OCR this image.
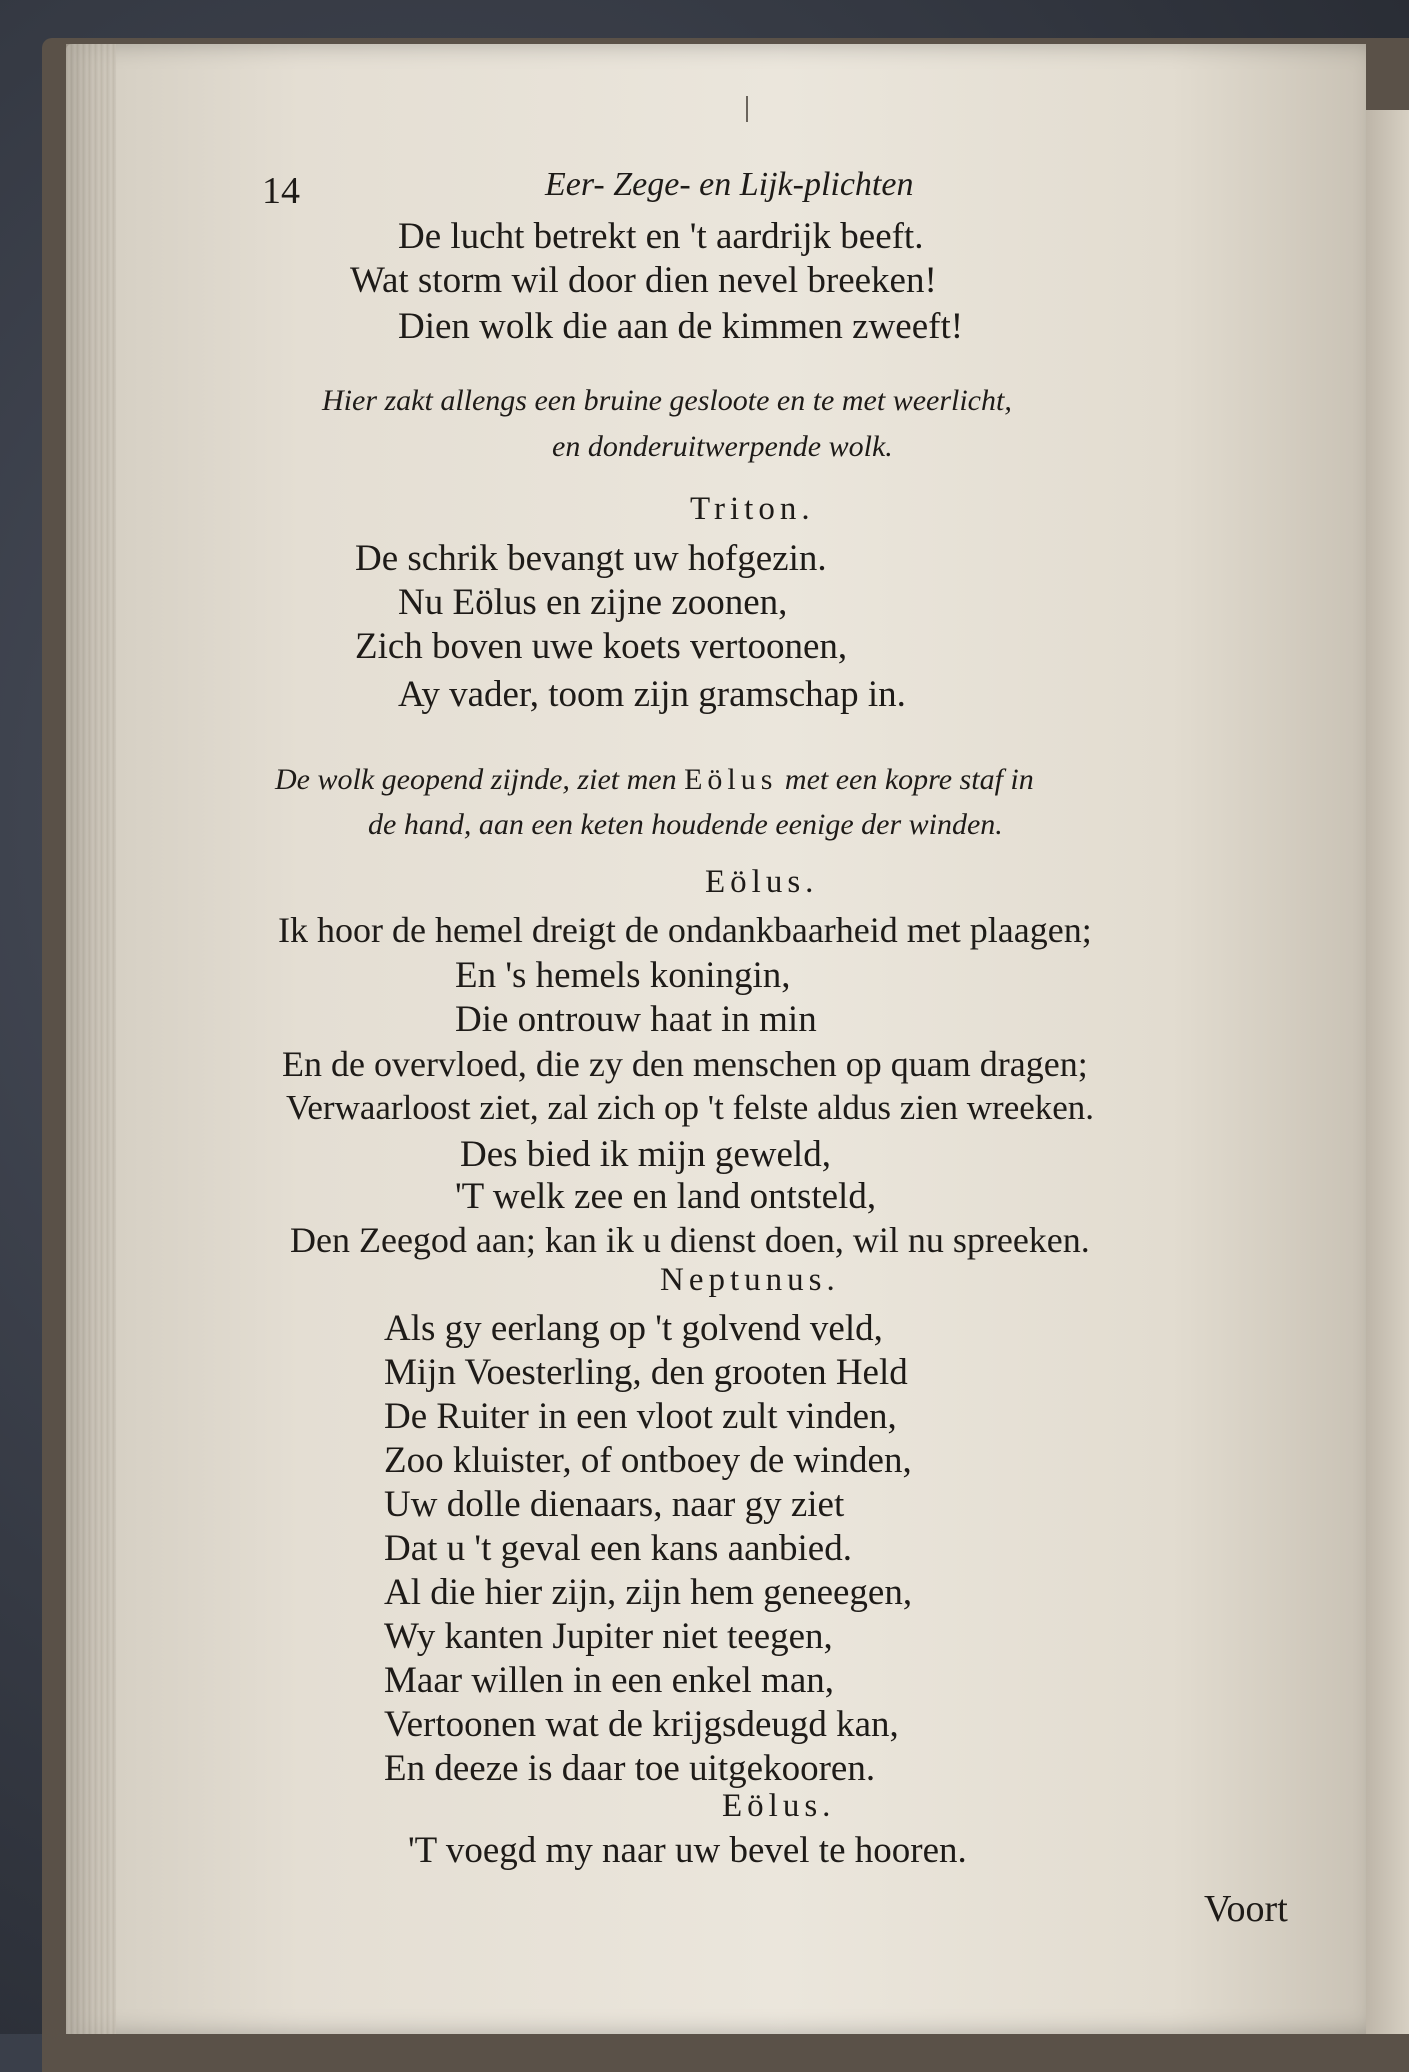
14	Eer- Zege- en Lijk-plichten
De lucht betrekt en 't aardrijk beeft.
Wat storm wil door dien nevel breeken!
Dien wolk die aan de kimmen zweeft!
Hier zakt allengs een bruine gesloote en te met weerlicht,
en donderuitwerpende wolk.
Triton.
De schrik bevangt uw hofgezin.
Nu Eölus en zijne zoonen,
Zich boven uwe koets vertoonen,
Ay vader, toom zijn gramschap in.
De wolk geopend zijnde, ziet men Eölus met een kopre staf in
de hand, aan een keten houdende eenige der winden.
Eölus.
Ik hoor de hemel dreigt de ondankbaarheid met plaagen;
En 's hemels koningin,
Die ontrouw haat in min
En de overvloed, die zy den menschen op quam dragen;
Verwaarloost ziet, zal zich op 't felste aldus zien wreeken.
Des bied ik mijn geweld,
'T welk zee en land ontsteld,
Den Zeegod aan; kan ik u dienst doen, wil nu spreeken.
Neptunus.
Als gy eerlang op 't golvend veld,
Mijn Voesterling, den grooten Held
De Ruiter in een vloot zult vinden,
Zoo kluister, of ontboey de winden,
Uw dolle dienaars, naar gy ziet
Dat u 't geval een kans aanbied.
Al die hier zijn, zijn hem geneegen,
Wy kanten Jupiter niet teegen,
Maar willen in een enkel man,
Vertoonen wat de krijgsdeugd kan,
En deeze is daar toe uitgekooren.
Eölus.
'T voegd my naar uw bevel te hooren.
Voort
